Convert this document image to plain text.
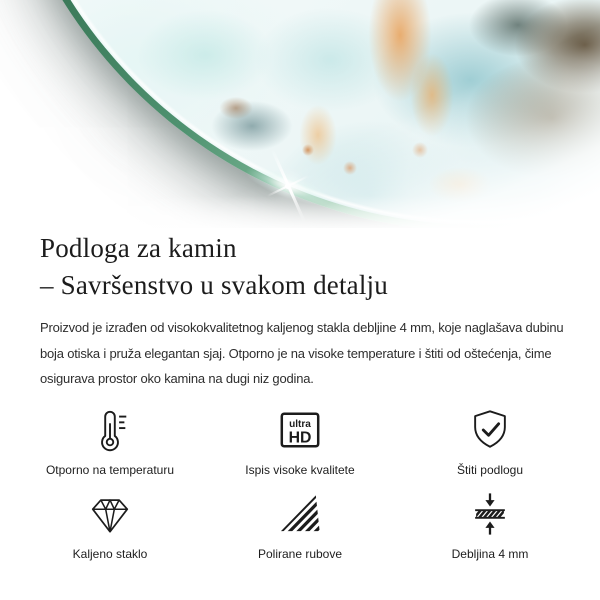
Podloga za kamin
– Savršenstvo u svakom detalju
Proizvod je izrađen od visokokvalitetnog kaljenog stakla debljine 4 mm, koje naglašava dubinu
boja otiska i pruža elegantan sjaj. Otporno je na visoke temperature i štiti od oštećenja, čime
osigurava prostor oko kamina na dugi niz godina.
Otporno na temperaturu
ultra
HD
Ispis visoke kvalitete	Štiti podlogu
Kaljeno staklo	Polirane rubove	Debljina 4 mm
